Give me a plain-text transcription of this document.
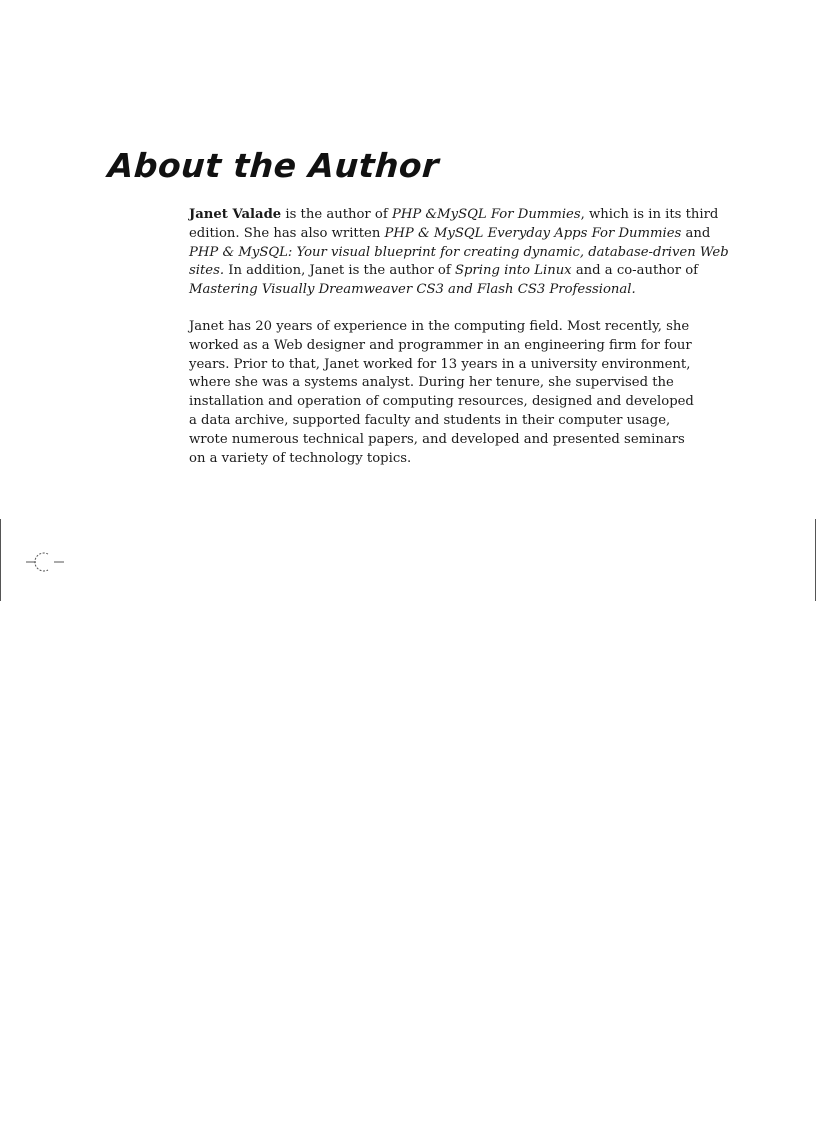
About the Author

Janet Valade is the author of PHP &MySQL For Dummies, which is in its third
edition. She has also written PHP & MySQL Everyday Apps For Dummies and
PHP & MySQL: Your visual blueprint for creating dynamic, database-driven Web
sites. In addition, Janet is the author of Spring into Linux and a co-author of
Mastering Visually Dreamweaver CS3 and Flash CS3 Professional.

Janet has 20 years of experience in the computing field. Most recently, she
worked as a Web designer and programmer in an engineering firm for four
years. Prior to that, Janet worked for 13 years in a university environment,
where she was a systems analyst. During her tenure, she supervised the
installation and operation of computing resources, designed and developed
a data archive, supported faculty and students in their computer usage,
wrote numerous technical papers, and developed and presented seminars
on a variety of technology topics.
